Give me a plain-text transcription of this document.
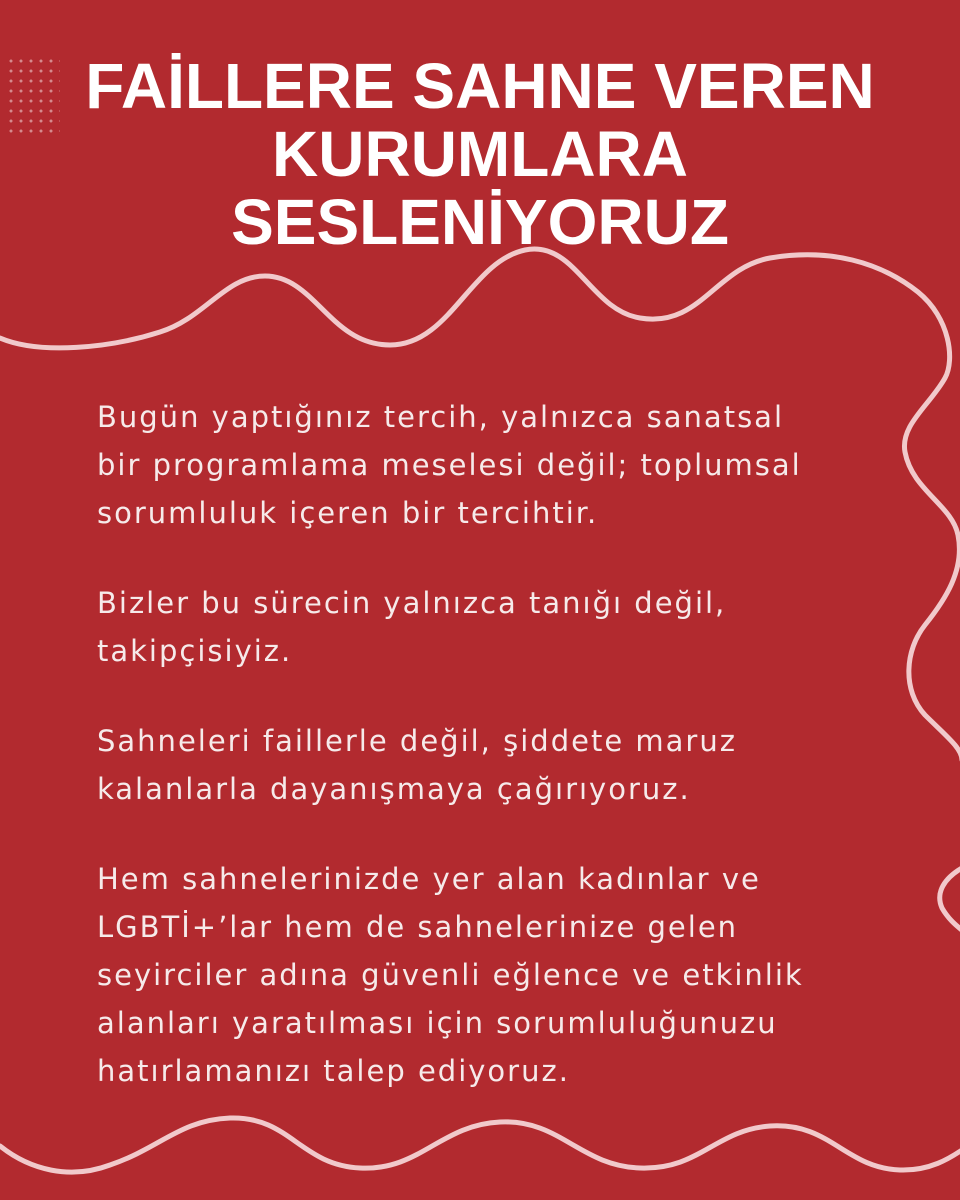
FAİLLERE SAHNE VEREN
KURUMLARA
SESLENİYORUZ

Bugün yaptığınız tercih, yalnızca sanatsal
bir programlama meselesi değil; toplumsal
sorumluluk içeren bir tercihtir.

Bizler bu sürecin yalnızca tanığı değil,
takipçisiyiz.

Sahneleri faillerle değil, şiddete maruz
kalanlarla dayanışmaya çağırıyoruz.

Hem sahnelerinizde yer alan kadınlar ve
LGBTİ+’lar hem de sahnelerinize gelen
seyirciler adına güvenli eğlence ve etkinlik
alanları yaratılması için sorumluluğunuzu
hatırlamanızı talep ediyoruz.
